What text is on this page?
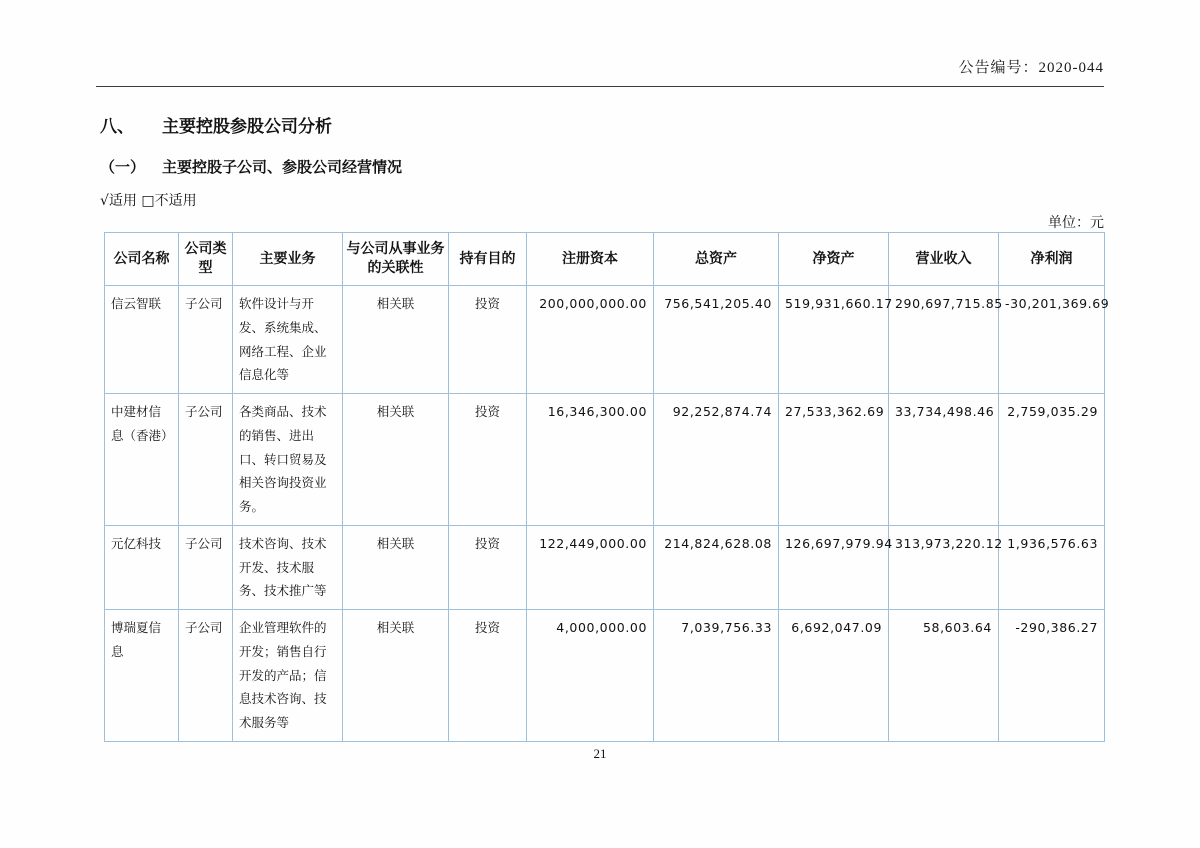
公告编号：2020-044
八、 主要控股参股公司分析
（一） 主要控股子公司、参股公司经营情况
√适用 □不适用
单位：元
公司名称	公司类型	主要业务	与公司从事业务的关联性	持有目的	注册资本	总资产	净资产	营业收入	净利润
信云智联	子公司	软件设计与开发、系统集成、网络工程、企业信息化等	相关联	投资	200,000,000.00	756,541,205.40	519,931,660.17	290,697,715.85	-30,201,369.69
中建材信息（香港）	子公司	各类商品、技术的销售、进出口、转口贸易及相关咨询投资业务。	相关联	投资	16,346,300.00	92,252,874.74	27,533,362.69	33,734,498.46	2,759,035.29
元亿科技	子公司	技术咨询、技术开发、技术服务、技术推广等	相关联	投资	122,449,000.00	214,824,628.08	126,697,979.94	313,973,220.12	1,936,576.63
博瑞夏信息	子公司	企业管理软件的开发；销售自行开发的产品；信息技术咨询、技术服务等	相关联	投资	4,000,000.00	7,039,756.33	6,692,047.09	58,603.64	-290,386.27
21
